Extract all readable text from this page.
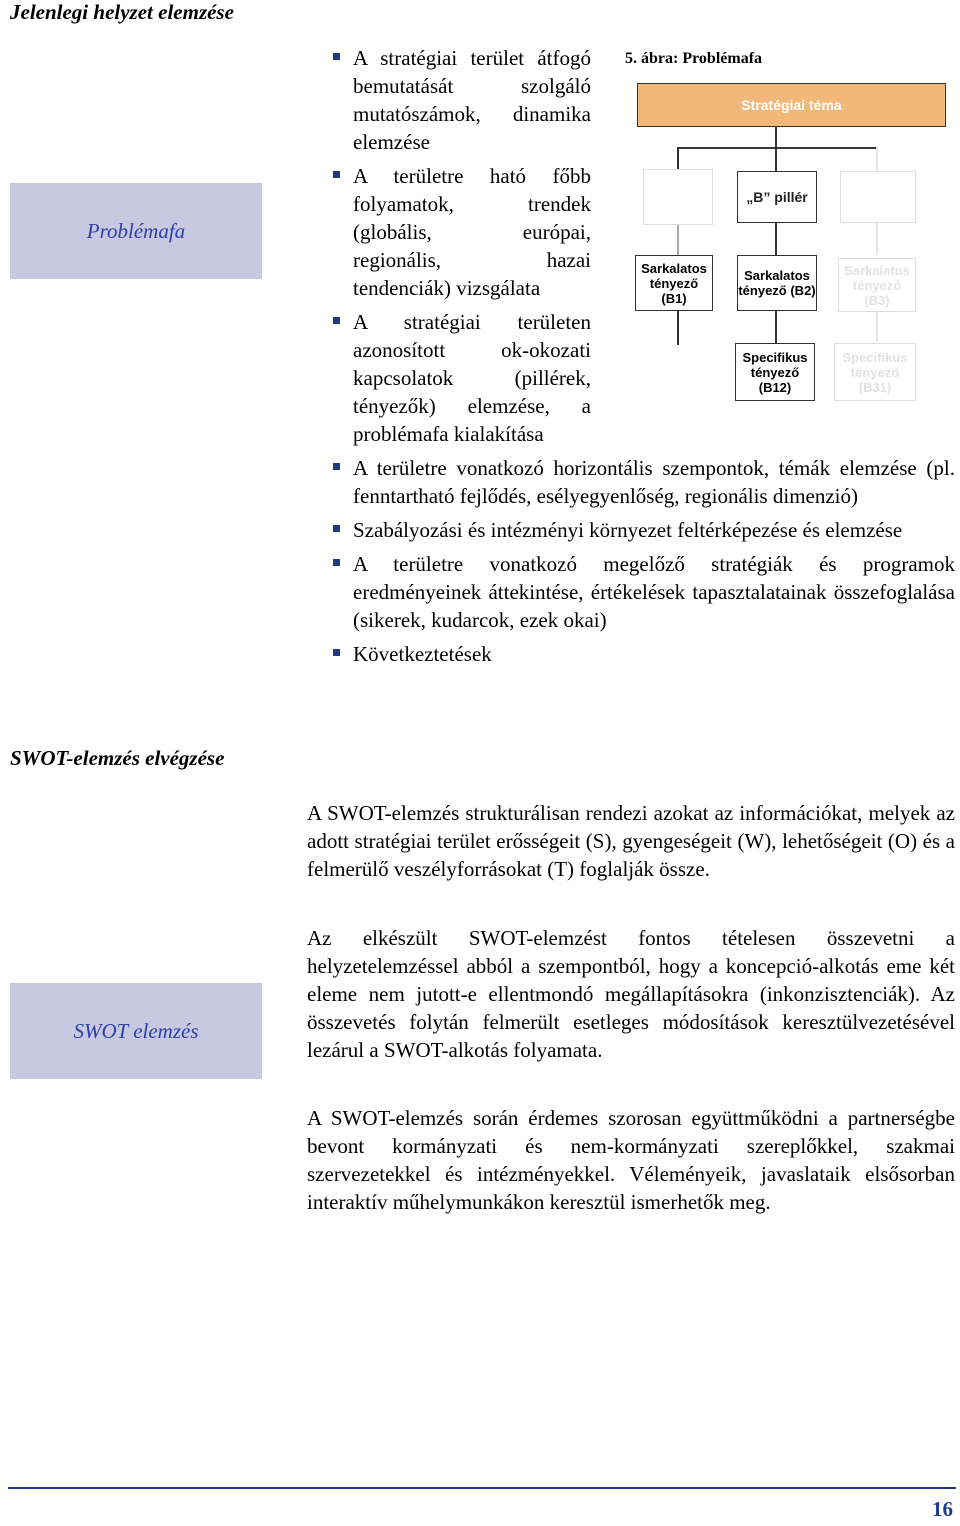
Jelenlegi helyzet elemzése
Problémafa
A stratégiai terület átfogó bemutatását szolgáló mutatószámok, dinamika elemzése
A területre ható főbb folyamatok, trendek (globális, európai, regionális, hazai tendenciák) vizsgálata
A stratégiai területen azonosított ok-okozati kapcsolatok (pillérek, tényezők) elemzése, a problémafa kialakítása

5. ábra: Problémafa

Stratégiai téma
„B” pillér
Sarkalatos tényező (B1)
Sarkalatos tényező (B2)
Sarkalatos tényező (B3)
Specifikus tényező (B12)
Specifikus tényező (B31)
A területre vonatkozó horizontális szempontok, témák elemzése (pl. fenntartható fejlődés, esélyegyenlőség, regionális dimenzió)
Szabályozási és intézményi környezet feltérképezése és elemzése
A területre vonatkozó megelőző stratégiák és programok eredményeinek áttekintése, értékelések tapasztalatainak összefoglalása (sikerek, kudarcok, ezek okai)
Következtetések
SWOT-elemzés elvégzése
SWOT elemzés

A SWOT-elemzés strukturálisan rendezi azokat az információkat, melyek az adott stratégiai terület erősségeit (S), gyengeségeit (W), lehetőségeit (O) és a felmerülő veszélyforrásokat (T) foglalják össze.

Az elkészült SWOT-elemzést fontos tételesen összevetni a helyzetelemzéssel abból a szempontból, hogy a koncepció-alkotás eme két eleme nem jutott-e ellentmondó megállapításokra (inkonzisztenciák). Az összevetés folytán felmerült esetleges módosítások keresztülvezetésével lezárul a SWOT-alkotás folyamata.

A SWOT-elemzés során érdemes szorosan együttműködni a partnerségbe bevont kormányzati és nem-kormányzati szereplőkkel, szakmai szervezetekkel és intézményekkel. Véleményeik, javaslataik elsősorban interaktív műhelymunkákon keresztül ismerhetők meg.

16
